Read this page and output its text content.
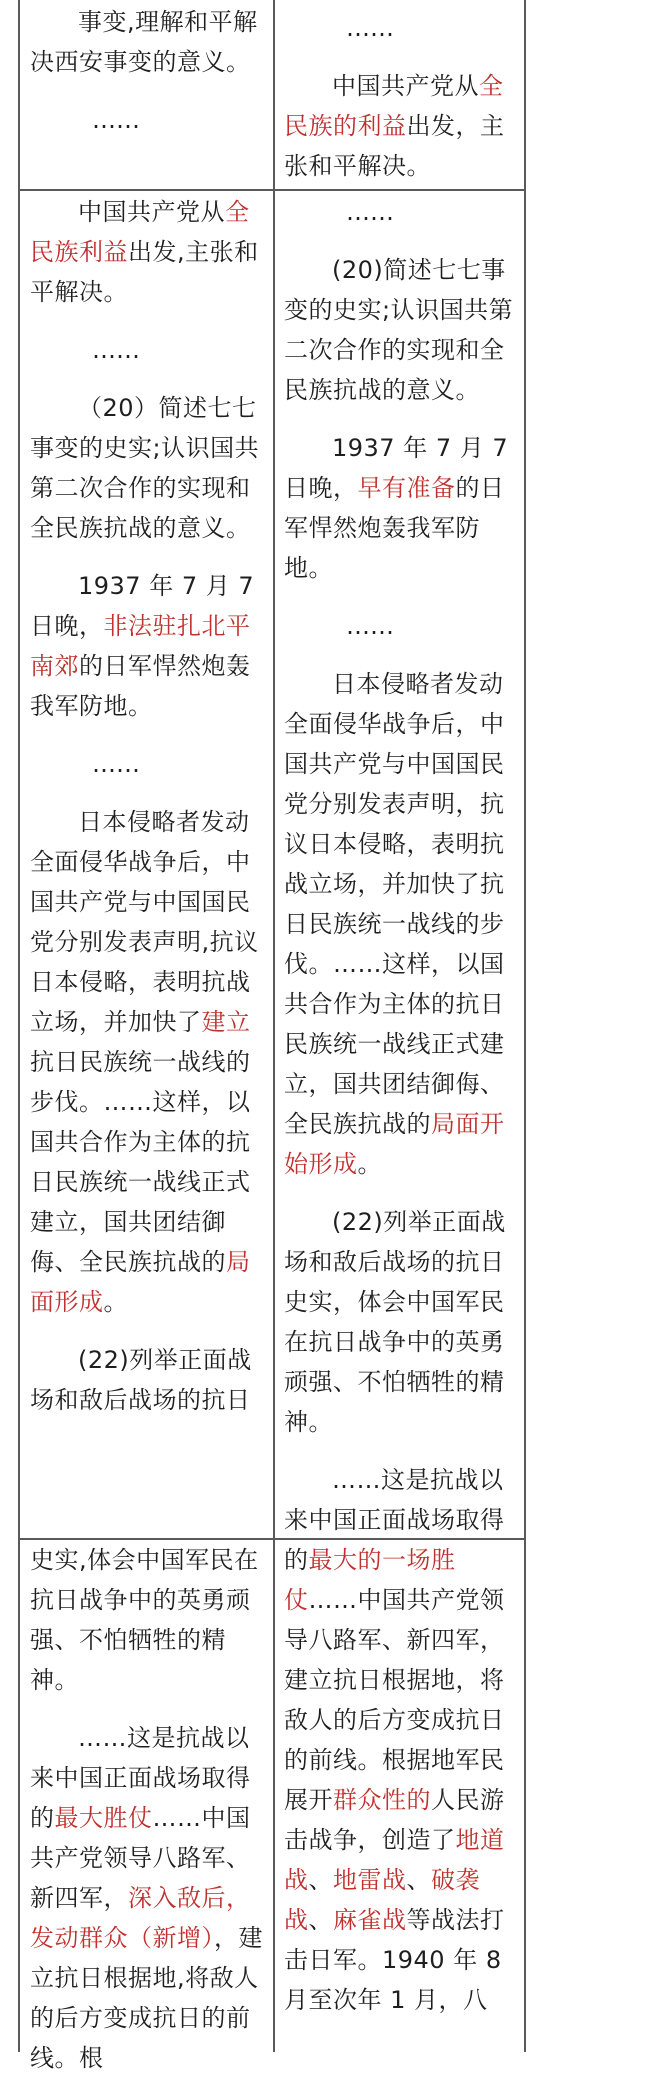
事变,理解和平解决西安事变的意义。

……

……

中国共产党从全民族的利益出发，主张和平解决。

中国共产党从全民族利益出发,主张和平解决。

……

（20）简述七七事变的史实;认识国共第二次合作的实现和全民族抗战的意义。

1937 年 7 月 7 日晚，非法驻扎北平南郊的日军悍然炮轰我军防地。

……

日本侵略者发动全面侵华战争后，中国共产党与中国国民党分别发表声明,抗议日本侵略，表明抗战立场，并加快了建立抗日民族统一战线的步伐。……这样，以国共合作为主体的抗日民族统一战线正式建立，国共团结御侮、全民族抗战的局面形成。

(22)列举正面战场和敌后战场的抗日

……

(20)简述七七事变的史实;认识国共第二次合作的实现和全民族抗战的意义。

1937 年 7 月 7 日晚，早有准备的日军悍然炮轰我军防地。

……

日本侵略者发动全面侵华战争后，中国共产党与中国国民党分别发表声明，抗议日本侵略，表明抗战立场，并加快了抗日民族统一战线的步伐。……这样，以国共合作为主体的抗日民族统一战线正式建立，国共团结御侮、全民族抗战的局面开始形成。

(22)列举正面战场和敌后战场的抗日史实，体会中国军民在抗日战争中的英勇顽强、不怕牺牲的精神。

……这是抗战以来中国正面战场取得

史实,体会中国军民在抗日战争中的英勇顽强、不怕牺牲的精神。

……这是抗战以来中国正面战场取得的最大胜仗……中国共产党领导八路军、新四军，深入敌后，发动群众（新增），建立抗日根据地,将敌人的后方变成抗日的前线。根

的最大的一场胜仗……中国共产党领导八路军、新四军，建立抗日根据地，将敌人的后方变成抗日的前线。根据地军民展开群众性的人民游击战争，创造了地道战、地雷战、破袭战、麻雀战等战法打击日军。1940 年 8 月至次年 1 月，八
